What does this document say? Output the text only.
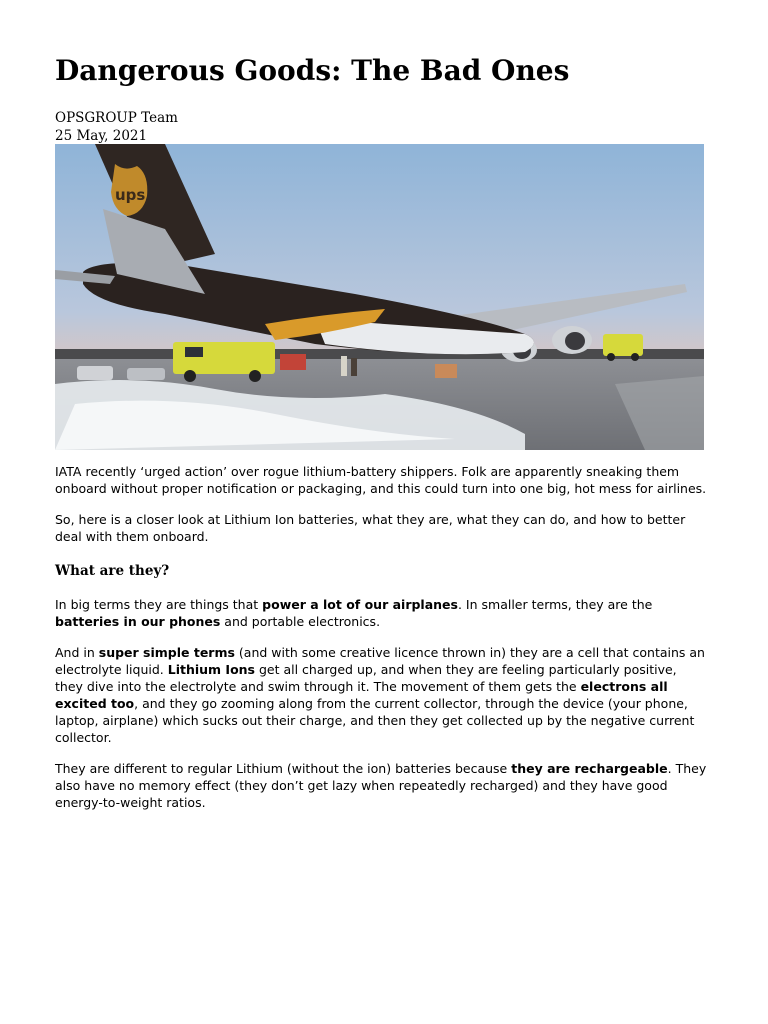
Dangerous Goods: The Bad Ones
OPSGROUP Team
25 May, 2021
ups

IATA recently ‘urged action’ over rogue lithium-battery shippers. Folk are apparently sneaking them onboard without proper notification or packaging, and this could turn into one big, hot mess for airlines.

So, here is a closer look at Lithium Ion batteries, what they are, what they can do, and how to better deal with them onboard.

What are they?

In big terms they are things that power a lot of our airplanes. In smaller terms, they are the batteries in our phones and portable electronics.

And in super simple terms (and with some creative licence thrown in) they are a cell that contains an electrolyte liquid. Lithium Ions get all charged up, and when they are feeling particularly positive, they dive into the electrolyte and swim through it. The movement of them gets the electrons all excited too, and they go zooming along from the current collector, through the device (your phone, laptop, airplane) which sucks out their charge, and then they get collected up by the negative current collector.

They are different to regular Lithium (without the ion) batteries because they are rechargeable. They also have no memory effect (they don’t get lazy when repeatedly recharged) and they have good energy-to-weight ratios.
